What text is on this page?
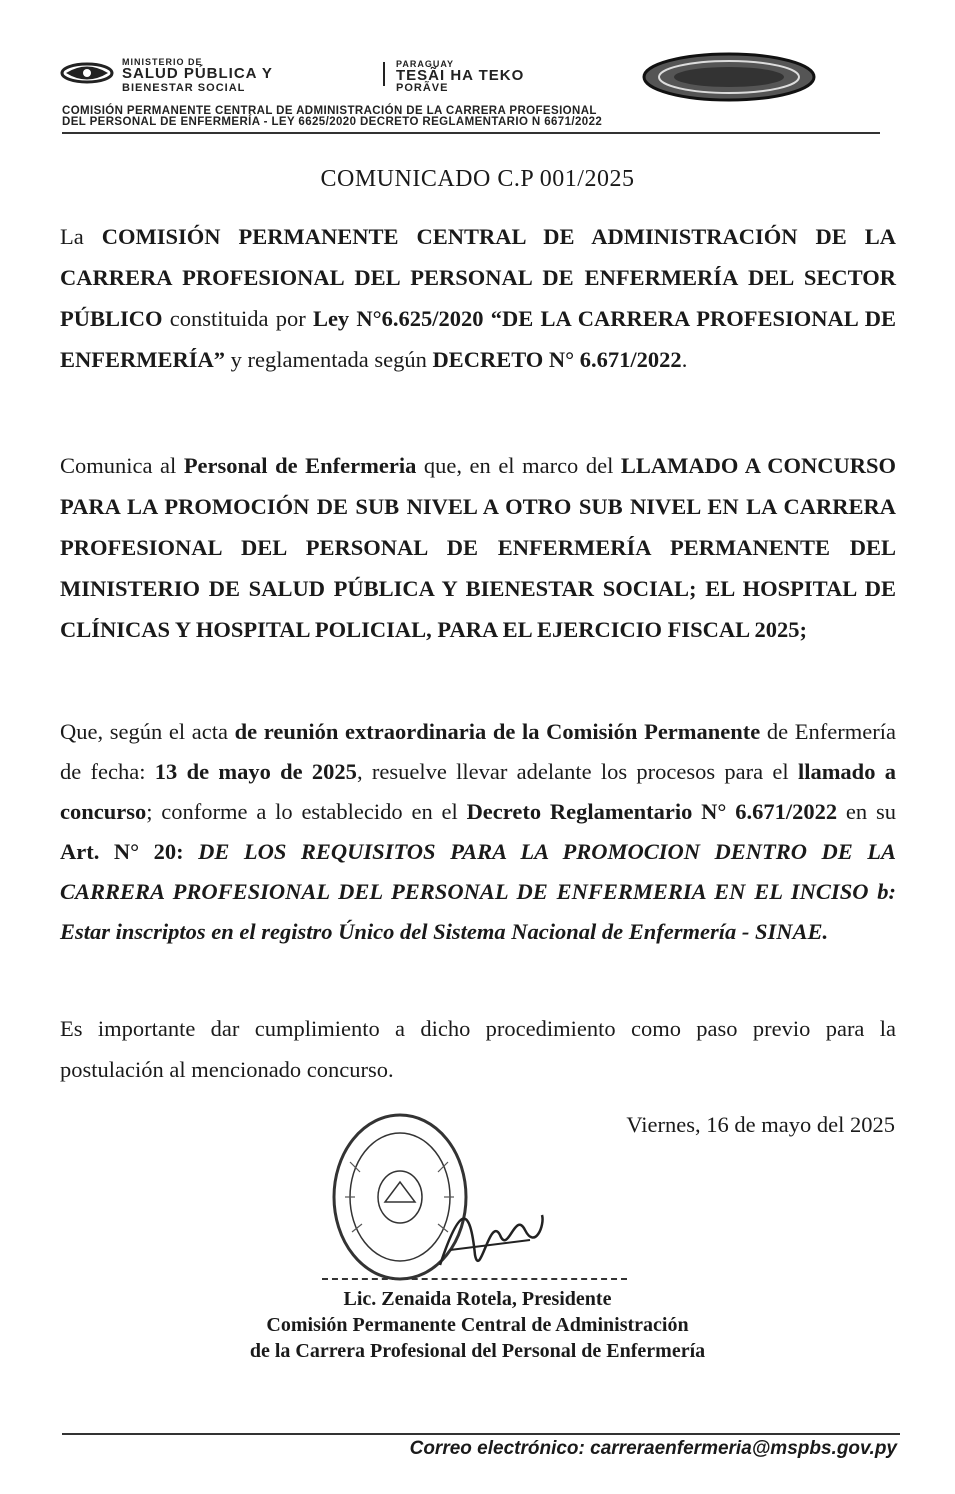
MINISTERIO DE
SALUD PÚBLICA Y
BIENESTAR SOCIAL
PARAGUAY
TESÃI HA TEKO
PORÃVE
COMISIÓN PERMANENTE CENTRAL DE ADMINISTRACIÓN DE LA CARRERA PROFESIONAL
DEL PERSONAL DE ENFERMERÍA - LEY 6625/2020 DECRETO REGLAMENTARIO N 6671/2022
COMUNICADO C.P 001/2025
La COMISIÓN PERMANENTE CENTRAL DE ADMINISTRACIÓN DE LA CARRERA PROFESIONAL DEL PERSONAL DE ENFERMERÍA DEL SECTOR PÚBLICO constituida por Ley N°6.625/2020 “DE LA CARRERA PROFESIONAL DE ENFERMERÍA” y reglamentada según DECRETO N° 6.671/2022.
Comunica al Personal de Enfermeria que, en el marco del LLAMADO A CONCURSO PARA LA PROMOCIÓN DE SUB NIVEL A OTRO SUB NIVEL EN LA CARRERA PROFESIONAL DEL PERSONAL DE ENFERMERÍA PERMANENTE DEL MINISTERIO DE SALUD PÚBLICA Y BIENESTAR SOCIAL; EL HOSPITAL DE CLÍNICAS Y HOSPITAL POLICIAL, PARA EL EJERCICIO FISCAL 2025;
Que, según el acta de reunión extraordinaria de la Comisión Permanente de Enfermería de fecha: 13 de mayo de 2025, resuelve llevar adelante los procesos para el llamado a concurso; conforme a lo establecido en el Decreto Reglamentario N° 6.671/2022 en su Art. N° 20: DE LOS REQUISITOS PARA LA PROMOCION DENTRO DE LA CARRERA PROFESIONAL DEL PERSONAL DE ENFERMERIA EN EL INCISO b: Estar inscriptos en el registro Único del Sistema Nacional de Enfermería - SINAE.
Es importante dar cumplimiento a dicho procedimiento como paso previo para la postulación al mencionado concurso.
Viernes, 16 de mayo del 2025
Lic. Zenaida Rotela, Presidente
Comisión Permanente Central de Administración
de la Carrera Profesional del Personal de Enfermería
Correo electrónico: carreraenfermeria@mspbs.gov.py
